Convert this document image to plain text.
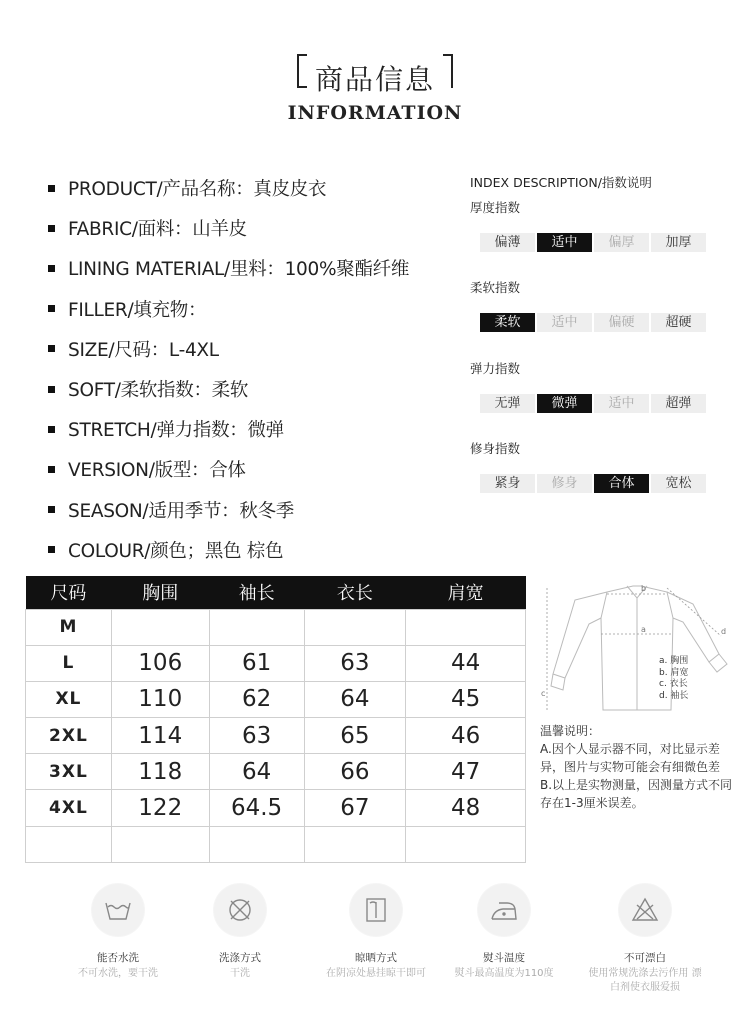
商品信息
INFORMATION
PRODUCT/产品名称：真皮皮衣
FABRIC/面料：山羊皮
LINING MATERIAL/里料：100%聚酯纤维
FILLER/填充物：
SIZE/尺码：L-4XL
SOFT/柔软指数：柔软
STRETCH/弹力指数：微弹
VERSION/版型：合体
SEASON/适用季节：秋冬季
COLOUR/颜色；黑色 棕色
INDEX DESCRIPTION/指数说明
厚度指数
偏薄	适中	偏厚	加厚
柔软指数
柔软	适中	偏硬	超硬
弹力指数
无弹	微弹	适中	超弹
修身指数
紧身	修身	合体	宽松
尺码	胸围	袖长	衣长	肩宽
M				
L	106	61	63	44
XL	110	62	64	45
2XL	114	63	65	46
3XL	118	64	66	47
4XL	122	64.5	67	48

a
b
c
d
a. 胸围
b. 肩宽
c. 衣长
d. 袖长

温馨说明：

A.因个人显示器不同，对比显示差异，图片与实物可能会有细微色差

B.以上是实物测量，因测量方式不同存在1-3厘米误差。

能否水洗
不可水洗，要干洗
洗涤方式
干洗
晾晒方式
在阴凉处悬挂晾干即可
熨斗温度
熨斗最高温度为110度
不可漂白
使用常规洗涤去污作用 漂白剂使衣服爱损
